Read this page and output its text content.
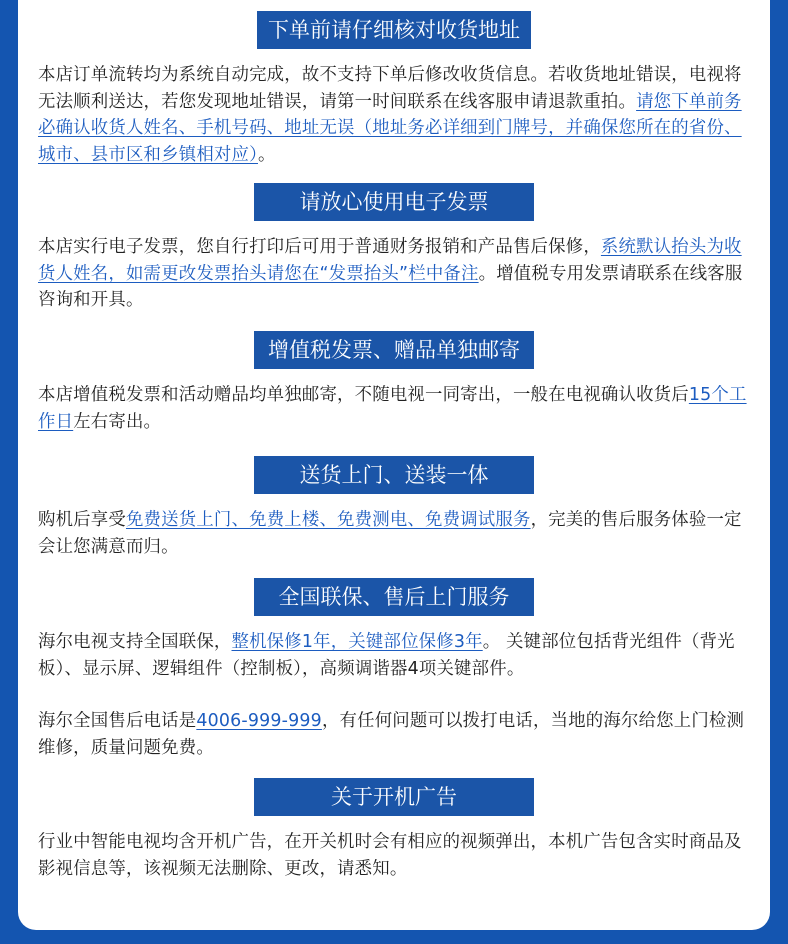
下单前请仔细核对收货地址

本店订单流转均为系统自动完成，故不支持下单后修改收货信息。若收货地址错误，电视将无法顺利送达，若您发现地址错误，请第一时间联系在线客服申请退款重拍。请您下单前务必确认收货人姓名、手机号码、地址无误（地址务必详细到门牌号，并确保您所在的省份、城市、县市区和乡镇相对应）。

请放心使用电子发票

本店实行电子发票，您自行打印后可用于普通财务报销和产品售后保修，系统默认抬头为收货人姓名，如需更改发票抬头请您在“发票抬头”栏中备注。增值税专用发票请联系在线客服咨询和开具。

增值税发票、赠品单独邮寄

本店增值税发票和活动赠品均单独邮寄，不随电视一同寄出，一般在电视确认收货后15个工作日左右寄出。

送货上门、送装一体

购机后享受免费送货上门、免费上楼、免费测电、免费调试服务，完美的售后服务体验一定会让您满意而归。

全国联保、售后上门服务

海尔电视支持全国联保，整机保修1年，关键部位保修3年。 关键部位包括背光组件（背光板）、显示屏、逻辑组件（控制板），高频调谐器4项关键部件。

海尔全国售后电话是4006-999-999，有任何问题可以拨打电话，当地的海尔给您上门检测维修，质量问题免费。

关于开机广告

行业中智能电视均含开机广告，在开关机时会有相应的视频弹出，本机广告包含实时商品及影视信息等，该视频无法删除、更改，请悉知。
